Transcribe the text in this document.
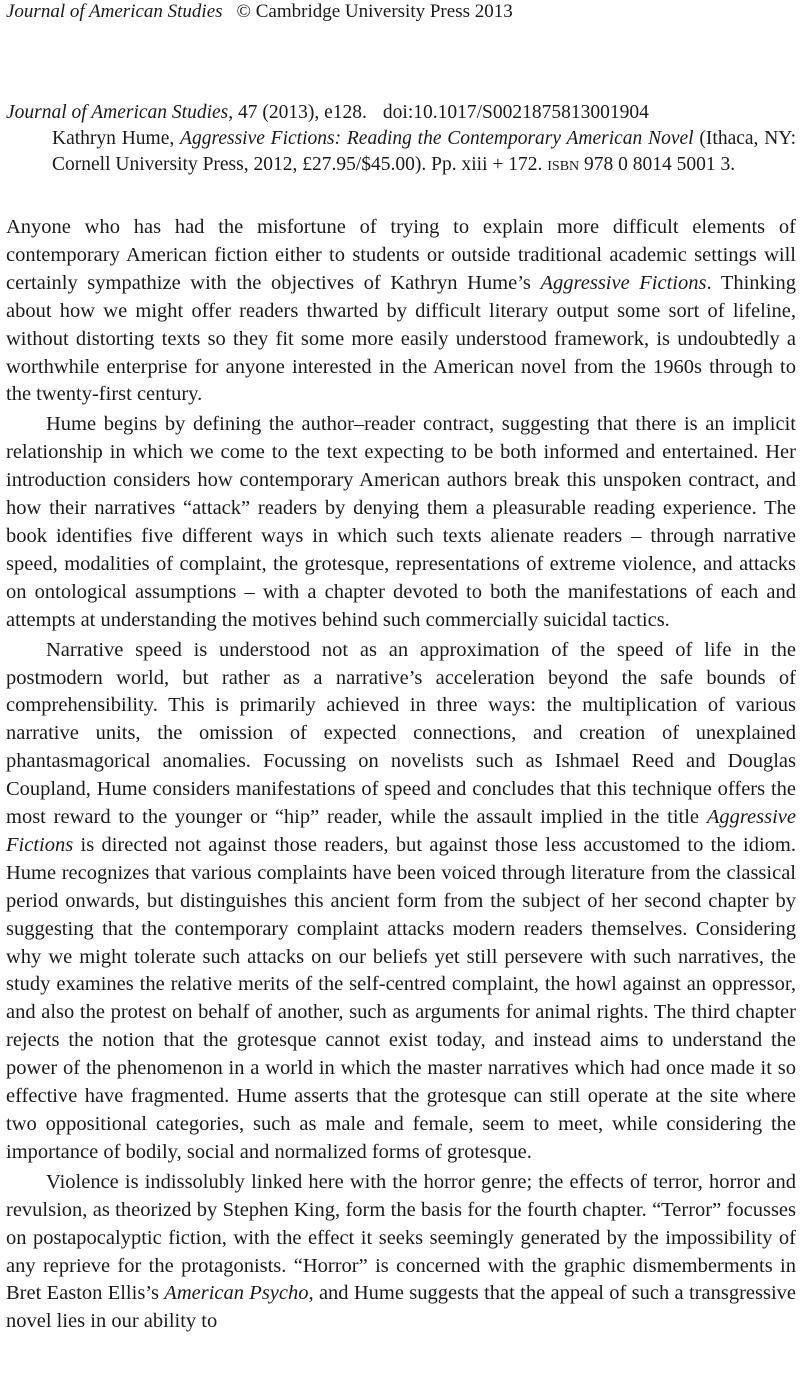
Journal of American Studies © Cambridge University Press 2013
Journal of American Studies, 47 (2013), e128. doi:10.1017/S0021875813001904
Kathryn Hume, Aggressive Fictions: Reading the Contemporary American Novel (Ithaca, NY: Cornell University Press, 2012, £27.95/$45.00). Pp. xiii + 172. isbn 978 0 8014 5001 3.

Anyone who has had the misfortune of trying to explain more difficult elements of contemporary American fiction either to students or outside traditional academic settings will certainly sympathize with the objectives of Kathryn Hume’s Aggressive Fictions. Thinking about how we might offer readers thwarted by difficult literary output some sort of lifeline, without distorting texts so they fit some more easily understood framework, is undoubtedly a worthwhile enterprise for anyone interested in the American novel from the 1960s through to the twenty-first century.

Hume begins by defining the author–reader contract, suggesting that there is an implicit relationship in which we come to the text expecting to be both informed and entertained. Her introduction considers how contemporary American authors break this unspoken contract, and how their narratives “attack” readers by denying them a pleasurable reading experience. The book identifies five different ways in which such texts alienate readers – through narrative speed, modalities of complaint, the grotesque, representations of extreme violence, and attacks on ontological assumptions – with a chapter devoted to both the manifestations of each and attempts at understanding the motives behind such commercially suicidal tactics.

Narrative speed is understood not as an approximation of the speed of life in the postmodern world, but rather as a narrative’s acceleration beyond the safe bounds of comprehensibility. This is primarily achieved in three ways: the multiplication of various narrative units, the omission of expected connections, and creation of unexplained phantasmagorical anomalies. Focussing on novelists such as Ishmael Reed and Douglas Coupland, Hume considers manifestations of speed and concludes that this technique offers the most reward to the younger or “hip” reader, while the assault implied in the title Aggressive Fictions is directed not against those readers, but against those less accustomed to the idiom. Hume recognizes that various complaints have been voiced through literature from the classical period onwards, but distinguishes this ancient form from the subject of her second chapter by suggesting that the contemporary complaint attacks modern readers themselves. Considering why we might tolerate such attacks on our beliefs yet still persevere with such narratives, the study examines the relative merits of the self-centred complaint, the howl against an oppressor, and also the protest on behalf of another, such as arguments for animal rights. The third chapter rejects the notion that the grotesque cannot exist today, and instead aims to understand the power of the phenomenon in a world in which the master narratives which had once made it so effective have fragmented. Hume asserts that the grotesque can still operate at the site where two oppositional categories, such as male and female, seem to meet, while considering the importance of bodily, social and normalized forms of grotesque.

Violence is indissolubly linked here with the horror genre; the effects of terror, horror and revulsion, as theorized by Stephen King, form the basis for the fourth chapter. “Terror” focusses on postapocalyptic fiction, with the effect it seeks seemingly generated by the impossibility of any reprieve for the protagonists. “Horror” is concerned with the graphic dismemberments in Bret Easton Ellis’s American Psycho, and Hume suggests that the appeal of such a transgressive novel lies in our ability to
